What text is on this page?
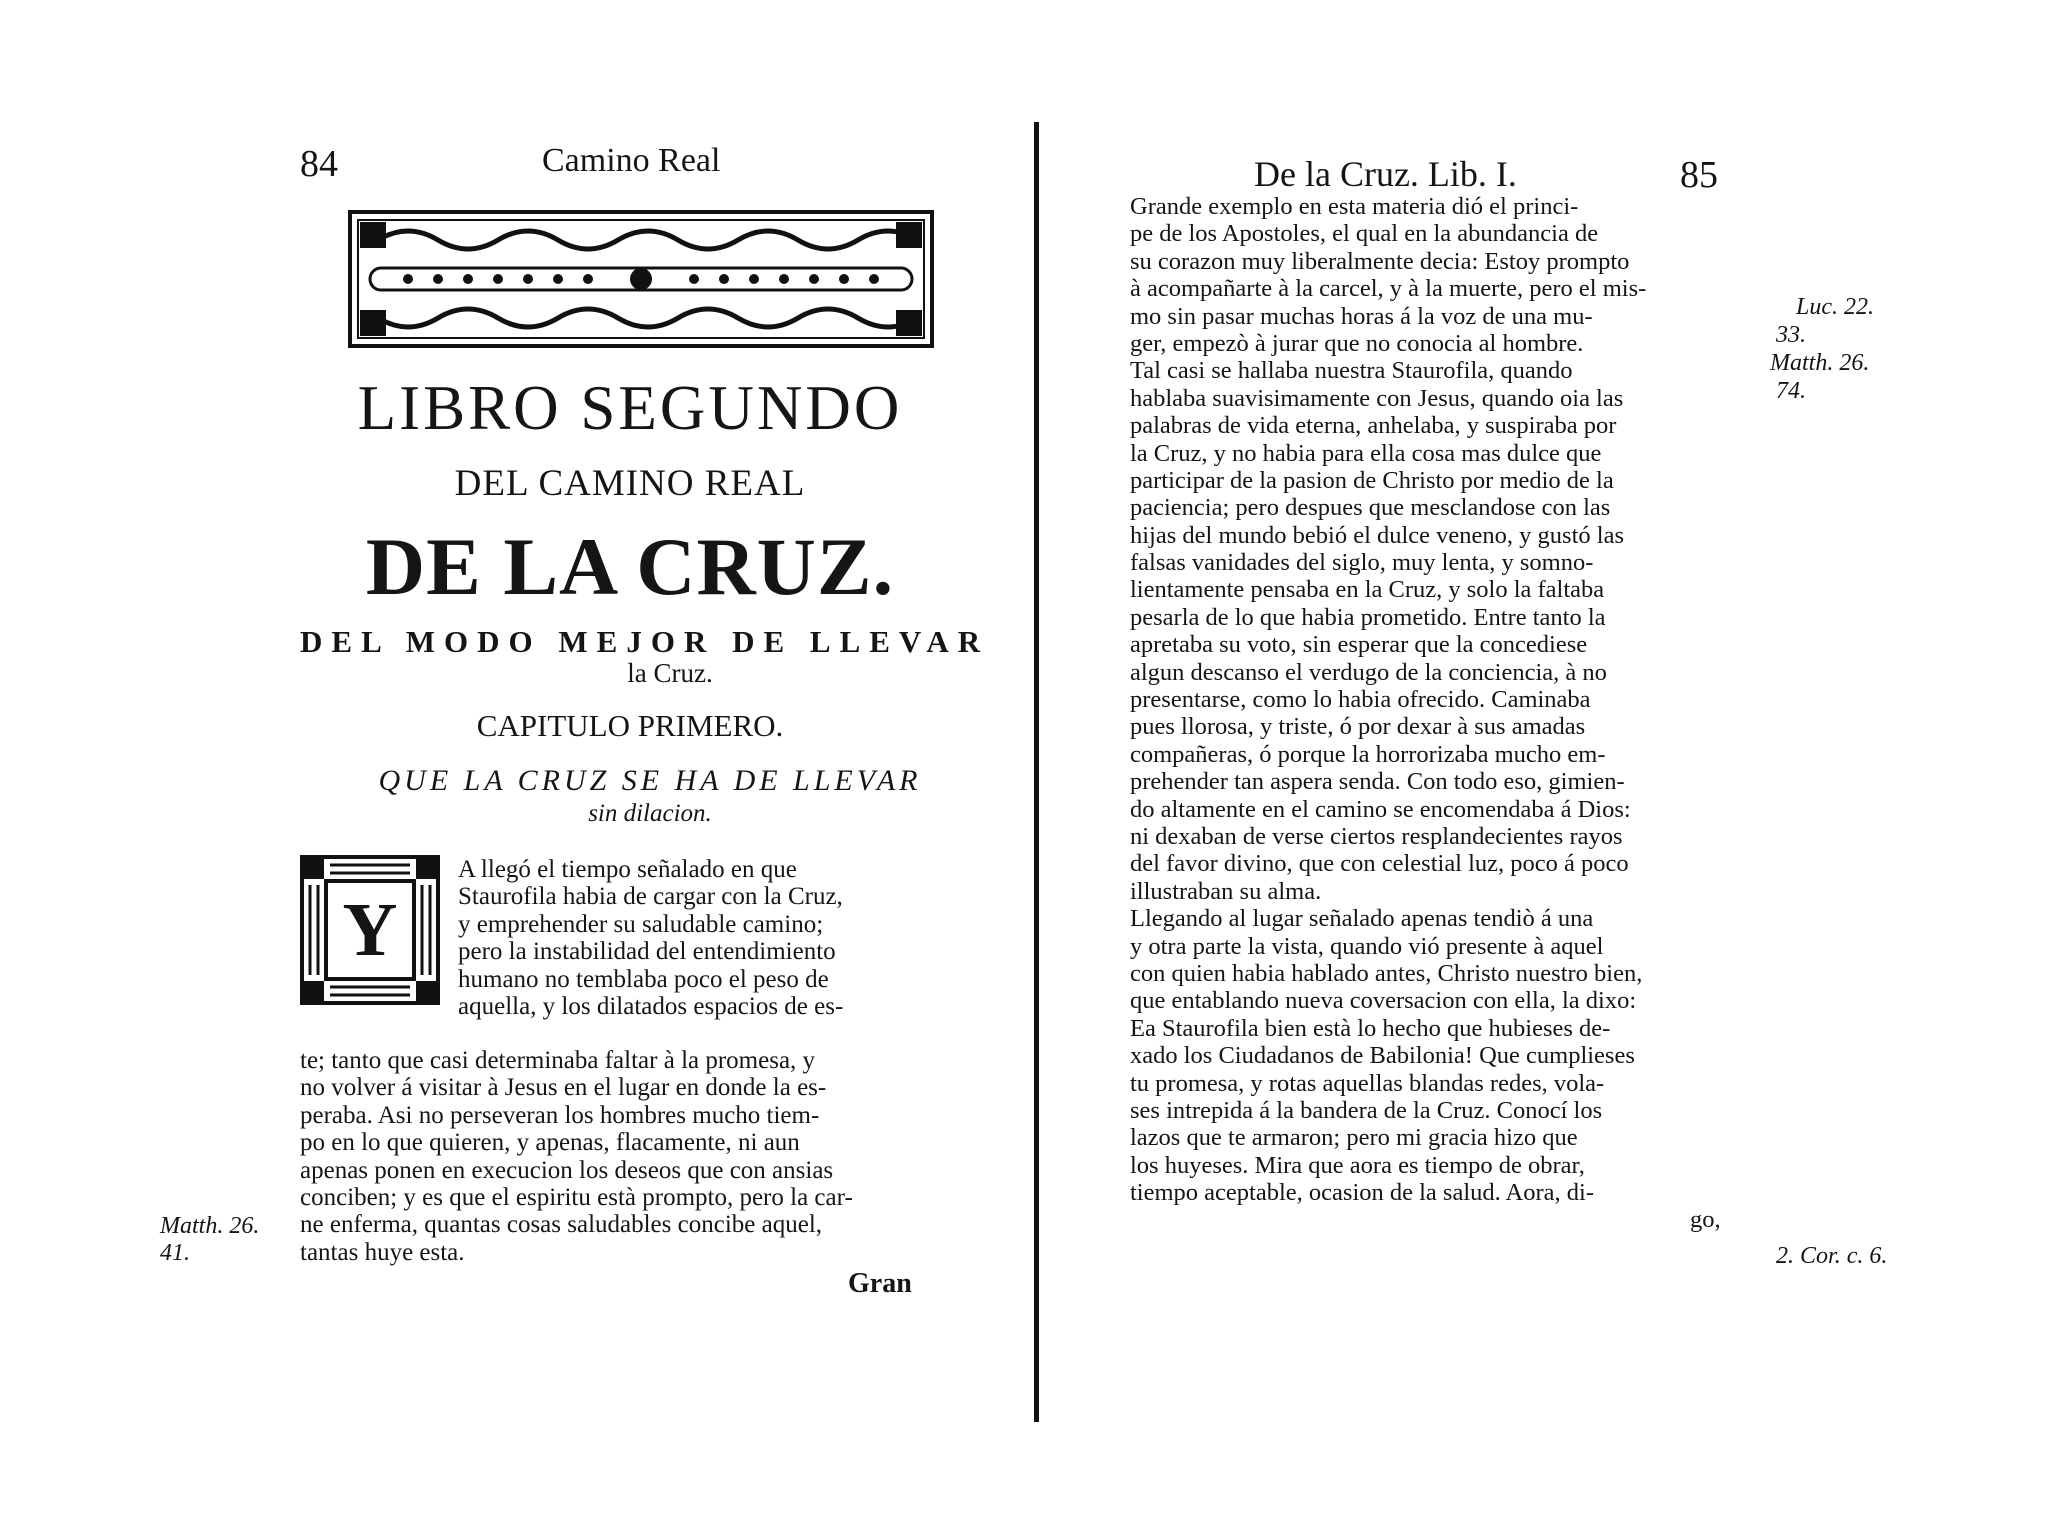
84	Camino Real
LIBRO SEGUNDO
DEL CAMINO REAL
DE LA CRUZ.
DEL MODO MEJOR DE LLEVAR
la Cruz.
CAPITULO PRIMERO.
QUE LA CRUZ SE HA DE LLEVAR
sin dilacion.
Y
A llegó el tiempo señalado en que
Staurofila habia de cargar con la Cruz,
y emprehender su saludable camino;
pero la instabilidad del entendimiento
humano no temblaba poco el peso de
aquella, y los dilatados espacios de es-
te; tanto que casi determinaba faltar à la promesa, y
no volver á visitar à Jesus en el lugar en donde la es-
peraba. Asi no perseveran los hombres mucho tiem-
po en lo que quieren, y apenas, flacamente, ni aun
apenas ponen en execucion los deseos que con ansias
conciben; y es que el espiritu està prompto, pero la car-
ne enferma, quantas cosas saludables concibe aquel,
tantas huye esta.
Gran
Matth. 26.
41.
De la Cruz. Lib. I.	85
Grande exemplo en esta materia dió el princi-
pe de los Apostoles, el qual en la abundancia de
su corazon muy liberalmente decia: Estoy prompto
à acompañarte à la carcel, y à la muerte, pero el mis-
mo sin pasar muchas horas á la voz de una mu-
ger, empezò à jurar que no conocia al hombre.
Tal casi se hallaba nuestra Staurofila, quando
hablaba suavisimamente con Jesus, quando oia las
palabras de vida eterna, anhelaba, y suspiraba por
la Cruz, y no habia para ella cosa mas dulce que
participar de la pasion de Christo por medio de la
paciencia; pero despues que mesclandose con las
hijas del mundo bebió el dulce veneno, y gustó las
falsas vanidades del siglo, muy lenta, y somno-
lientamente pensaba en la Cruz, y solo la faltaba
pesarla de lo que habia prometido. Entre tanto la
apretaba su voto, sin esperar que la concediese
algun descanso el verdugo de la conciencia, à no
presentarse, como lo habia ofrecido. Caminaba
pues llorosa, y triste, ó por dexar à sus amadas
compañeras, ó porque la horrorizaba mucho em-
prehender tan aspera senda. Con todo eso, gimien-
do altamente en el camino se encomendaba á Dios:
ni dexaban de verse ciertos resplandecientes rayos
del favor divino, que con celestial luz, poco á poco
illustraban su alma.
Llegando al lugar señalado apenas tendiò á una
y otra parte la vista, quando vió presente à aquel
con quien habia hablado antes, Christo nuestro bien,
que entablando nueva coversacion con ella, la dixo:
Ea Staurofila bien està lo hecho que hubieses de-
xado los Ciudadanos de Babilonia! Que cumplieses
tu promesa, y rotas aquellas blandas redes, vola-
ses intrepida á la bandera de la Cruz. Conocí los
lazos que te armaron; pero mi gracia hizo que
los huyeses. Mira que aora es tiempo de obrar,
tiempo aceptable, ocasion de la salud. Aora, di-
go,
Luc. 22.
33.
Matth. 26.
74.
2. Cor. c. 6.
